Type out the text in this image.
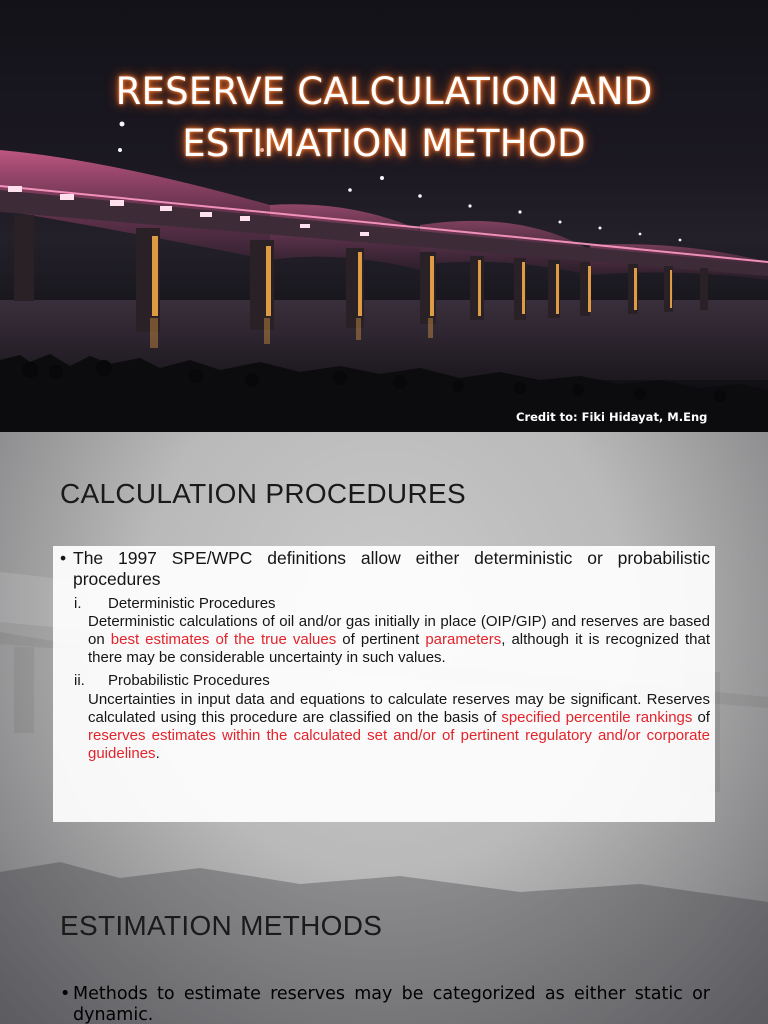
RESERVE CALCULATION AND
ESTIMATION METHOD
Credit to: Fiki Hidayat, M.Eng
CALCULATION PROCEDURES
• The 1997 SPE/WPC definitions allow either deterministic or probabilistic procedures
i. Deterministic Procedures
Deterministic calculations of oil and/or gas initially in place (OIP/GIP) and reserves are based on best estimates of the true values of pertinent parameters, although it is recognized that there may be considerable uncertainty in such values.
ii. Probabilistic Procedures
Uncertainties in input data and equations to calculate reserves may be significant. Reserves calculated using this procedure are classified on the basis of specified percentile rankings of reserves estimates within the calculated set and/or of pertinent regulatory and/or corporate guidelines.
ESTIMATION METHODS
• Methods to estimate reserves may be categorized as either static or dynamic.
